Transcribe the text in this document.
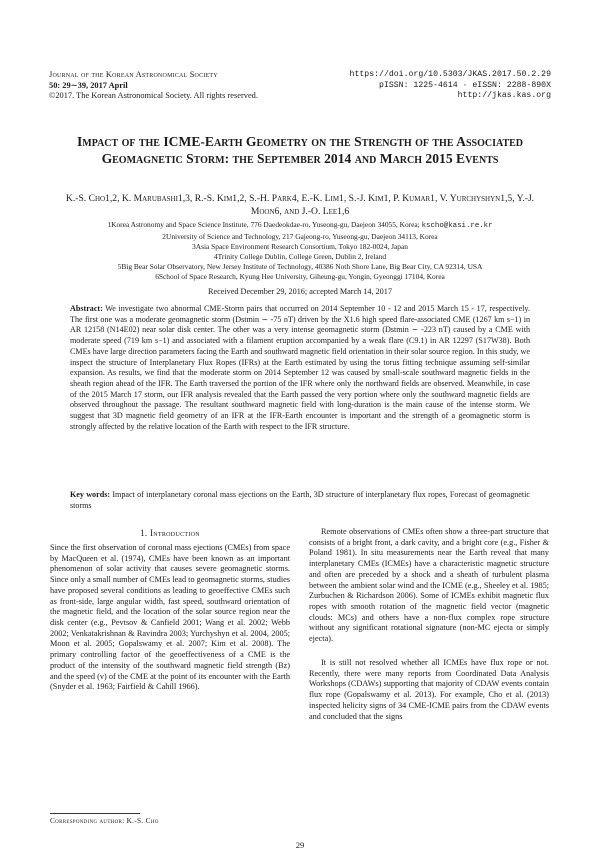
Journal of the Korean Astronomical Society
50: 29∼39, 2017 April
©2017. The Korean Astronomical Society. All rights reserved.
https://doi.org/10.5303/JKAS.2017.50.2.29
pISSN: 1225-4614 · eISSN: 2288-890X
http://jkas.kas.org
Impact of the ICME-Earth Geometry on the Strength of the Associated Geomagnetic Storm: the September 2014 and March 2015 Events
K.-S. Cho1,2, K. Marubashi1,3, R.-S. Kim1,2, S.-H. Park4, E.-K. Lim1, S.-J. Kim1, P. Kumar1, V. Yurchyshyn1,5, Y.-J. Moon6, and J.-O. Lee1,6
1Korea Astronomy and Space Science Institute, 776 Daedeokdae-ro, Yuseong-gu, Daejeon 34055, Korea; kscho@kasi.re.kr
2University of Science and Technology, 217 Gajeong-ro, Yuseong-gu, Daejeon 34113, Korea
3Asia Space Environment Research Consortium, Tokyo 182-0024, Japan
4Trinity College Dublin, College Green, Dublin 2, Ireland
5Big Bear Solar Observatory, New Jersey Institute of Technology, 40386 Noth Shore Lane, Big Bear City, CA 92314, USA
6School of Space Research, Kyung Hee University, Giheung-gu, Yongin, Gyeonggi 17104, Korea
Received December 29, 2016; accepted March 14, 2017
Abstract: We investigate two abnormal CME-Storm pairs that occurred on 2014 September 10 - 12 and 2015 March 15 - 17, respectively. The first one was a moderate geomagnetic storm (Dstmin ∼ -75 nT) driven by the X1.6 high speed flare-associated CME (1267 km s−1) in AR 12158 (N14E02) near solar disk center. The other was a very intense geomagnetic storm (Dstmin ∼ -223 nT) caused by a CME with moderate speed (719 km s−1) and associated with a filament eruption accompanied by a weak flare (C9.1) in AR 12297 (S17W38). Both CMEs have large direction parameters facing the Earth and southward magnetic field orientation in their solar source region. In this study, we inspect the structure of Interplanetary Flux Ropes (IFRs) at the Earth estimated by using the torus fitting technique assuming self-similar expansion. As results, we find that the moderate storm on 2014 September 12 was caused by small-scale southward magnetic fields in the sheath region ahead of the IFR. The Earth traversed the portion of the IFR where only the northward fields are observed. Meanwhile, in case of the 2015 March 17 storm, our IFR analysis revealed that the Earth passed the very portion where only the southward magnetic fields are observed throughout the passage. The resultant southward magnetic field with long-duration is the main cause of the intense storm. We suggest that 3D magnetic field geometry of an IFR at the IFR-Earth encounter is important and the strength of a geomagnetic storm is strongly affected by the relative location of the Earth with respect to the IFR structure.
Key words: Impact of interplanetary coronal mass ejections on the Earth, 3D structure of interplanetary flux ropes, Forecast of geomagnetic storms
1. Introduction
Since the first observation of coronal mass ejections (CMEs) from space by MacQueen et al. (1974), CMEs have been known as an important phenomenon of solar activity that causes severe geomagnetic storms. Since only a small number of CMEs lead to geomagnetic storms, studies have proposed several conditions as leading to geoeffective CMEs such as front-side, large angular width, fast speed, southward orientation of the magnetic field, and the location of the solar source region near the disk center (e.g., Pevtsov & Canfield 2001; Wang et al. 2002; Webb 2002; Venkatakrishnan & Ravindra 2003; Yurchyshyn et al. 2004, 2005; Moon et al. 2005; Gopalswamy et al. 2007; Kim et al. 2008). The primary controlling factor of the geoeffectiveness of a CME is the product of the intensity of the southward magnetic field strength (Bz) and the speed (v) of the CME at the point of its encounter with the Earth (Snyder et al. 1963; Fairfield & Cahill 1966).

Remote observations of CMEs often show a three-part structure that consists of a bright front, a dark cavity, and a bright core (e.g., Fisher & Poland 1981). In situ measurements near the Earth reveal that many interplanetary CMEs (ICMEs) have a characteristic magnetic structure and often are preceded by a shock and a sheath of turbulent plasma between the ambient solar wind and the ICME (e.g., Sheeley et al. 1985; Zurbuchen & Richardson 2006). Some of ICMEs exhibit magnetic flux ropes with smooth rotation of the magnetic field vector (magnetic clouds: MCs) and others have a non-flux complex rope structure without any significant rotational signature (non-MC ejecta or simply ejecta).

It is still not resolved whether all ICMEs have flux rope or not. Recently, there were many reports from Coordinated Data Analysis Workshops (CDAWs) supporting that majority of CDAW events contain flux rope (Gopalswamy et al. 2013). For example, Cho et al. (2013) inspected helicity signs of 34 CME-ICME pairs from the CDAW events and concluded that the signs

Corresponding author: K.-S. Cho
29
